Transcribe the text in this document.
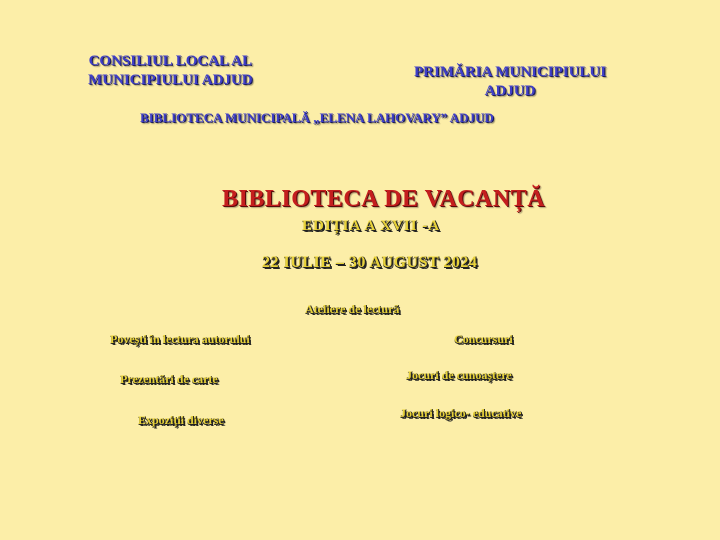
CONSILIUL LOCAL AL
MUNICIPIULUI ADJUD	PRIMĂRIA MUNICIPIULUI
ADJUD
BIBLIOTECA MUNICIPALĂ „ELENA LAHOVARY” ADJUD
BIBLIOTECA DE VACANȚĂ
EDIȚIA A XVII -A
22 IULIE – 30 AUGUST 2024
Ateliere de lectură
Povești în lectura autorului	Concursuri
Prezentări de carte	Jocuri de cunoaștere
Expoziții diverse	Jocuri logico- educative
